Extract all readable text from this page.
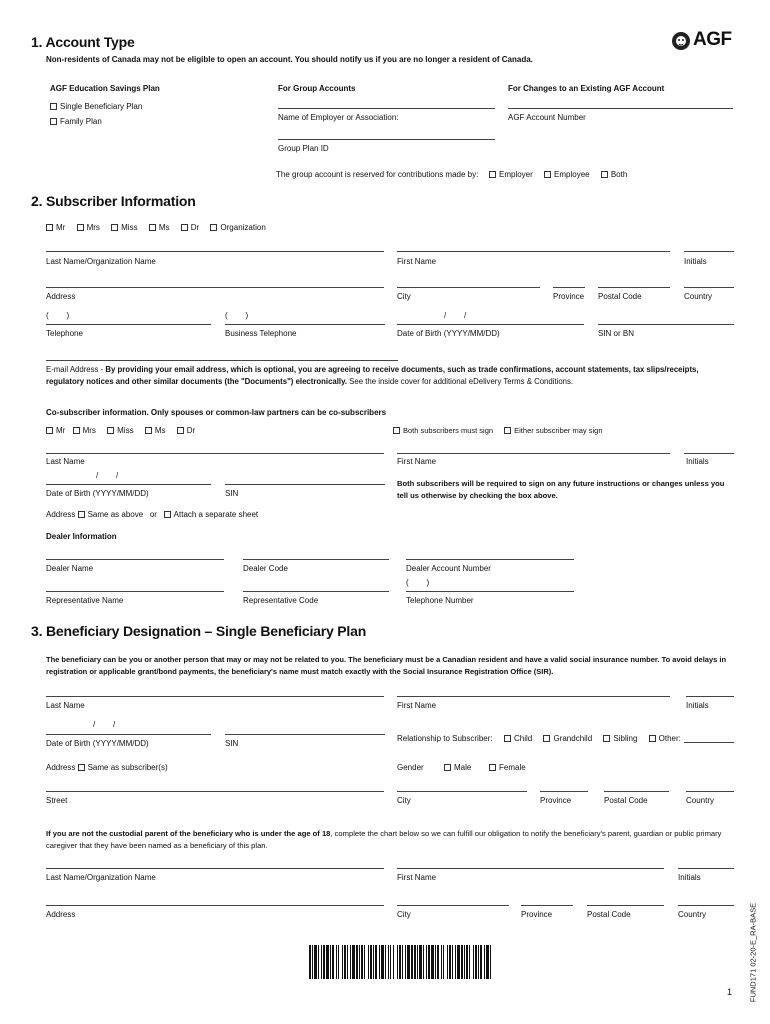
AGF
1. Account Type
Non-residents of Canada may not be eligible to open an account. You should notify us if you are no longer a resident of Canada.
AGF Education Savings Plan
Single Beneficiary Plan
Family Plan
For Group Accounts
Name of Employer or Association:
Group Plan ID
The group account is reserved for contributions made by:	Employer	Employee	Both
For Changes to an Existing AGF Account
AGF Account Number
2. Subscriber Information
Mr	Mrs	Miss	Ms	Dr	Organization
Last Name/Organization Name	First Name	Initials
Address	City	Province Postal Code	Country
(        )	(        )	/        /
Telephone	Business Telephone	Date of Birth (YYYY/MM/DD)	SIN or BN
E-mail Address - By providing your email address, which is optional, you are agreeing to receive documents, such as trade confirmations, account statements, tax slips/receipts, regulatory notices and other similar documents (the "Documents") electronically. See the inside cover for additional eDelivery Terms & Conditions.
Co-subscriber information. Only spouses or common-law partners can be co-subscribers
Mr Mrs	Miss	Ms	Dr	Both subscribers must sign	Either subscriber may sign
Last Name	First Name	Initials
/        /
Date of Birth (YYYY/MM/DD)	SIN
Both subscribers will be required to sign on any future instructions or changes unless you tell us otherwise by checking the box above.
Address Same as above or Attach a separate sheet
Dealer Information
Dealer Name	Dealer Code	Dealer Account Number
(        )
Representative Name	Representative Code	Telephone Number
3. Beneficiary Designation – Single Beneficiary Plan
The beneficiary can be you or another person that may or may not be related to you. The beneficiary must be a Canadian resident and have a valid social insurance number. To avoid delays in registration or applicable grant/bond payments, the beneficiary's name must match exactly with the Social Insurance Registration Office (SIR).
Last Name	First Name	Initials
/        /
Date of Birth (YYYY/MM/DD)	SIN
Relationship to Subscriber:	Child	Grandchild	Sibling	Other:
Address Same as subscriber(s)	Gender	Male	Female
Street	City	Province	Postal Code	Country
If you are not the custodial parent of the beneficiary who is under the age of 18, complete the chart below so we can fulfill our obligation to notify the beneficiary's parent, guardian or public primary caregiver that they have been named as a beneficiary of this plan.
Last Name/Organization Name	First Name	Initials
Address	City	Province	Postal Code	Country	FUND171 02-20-E_RA-BASE
1
